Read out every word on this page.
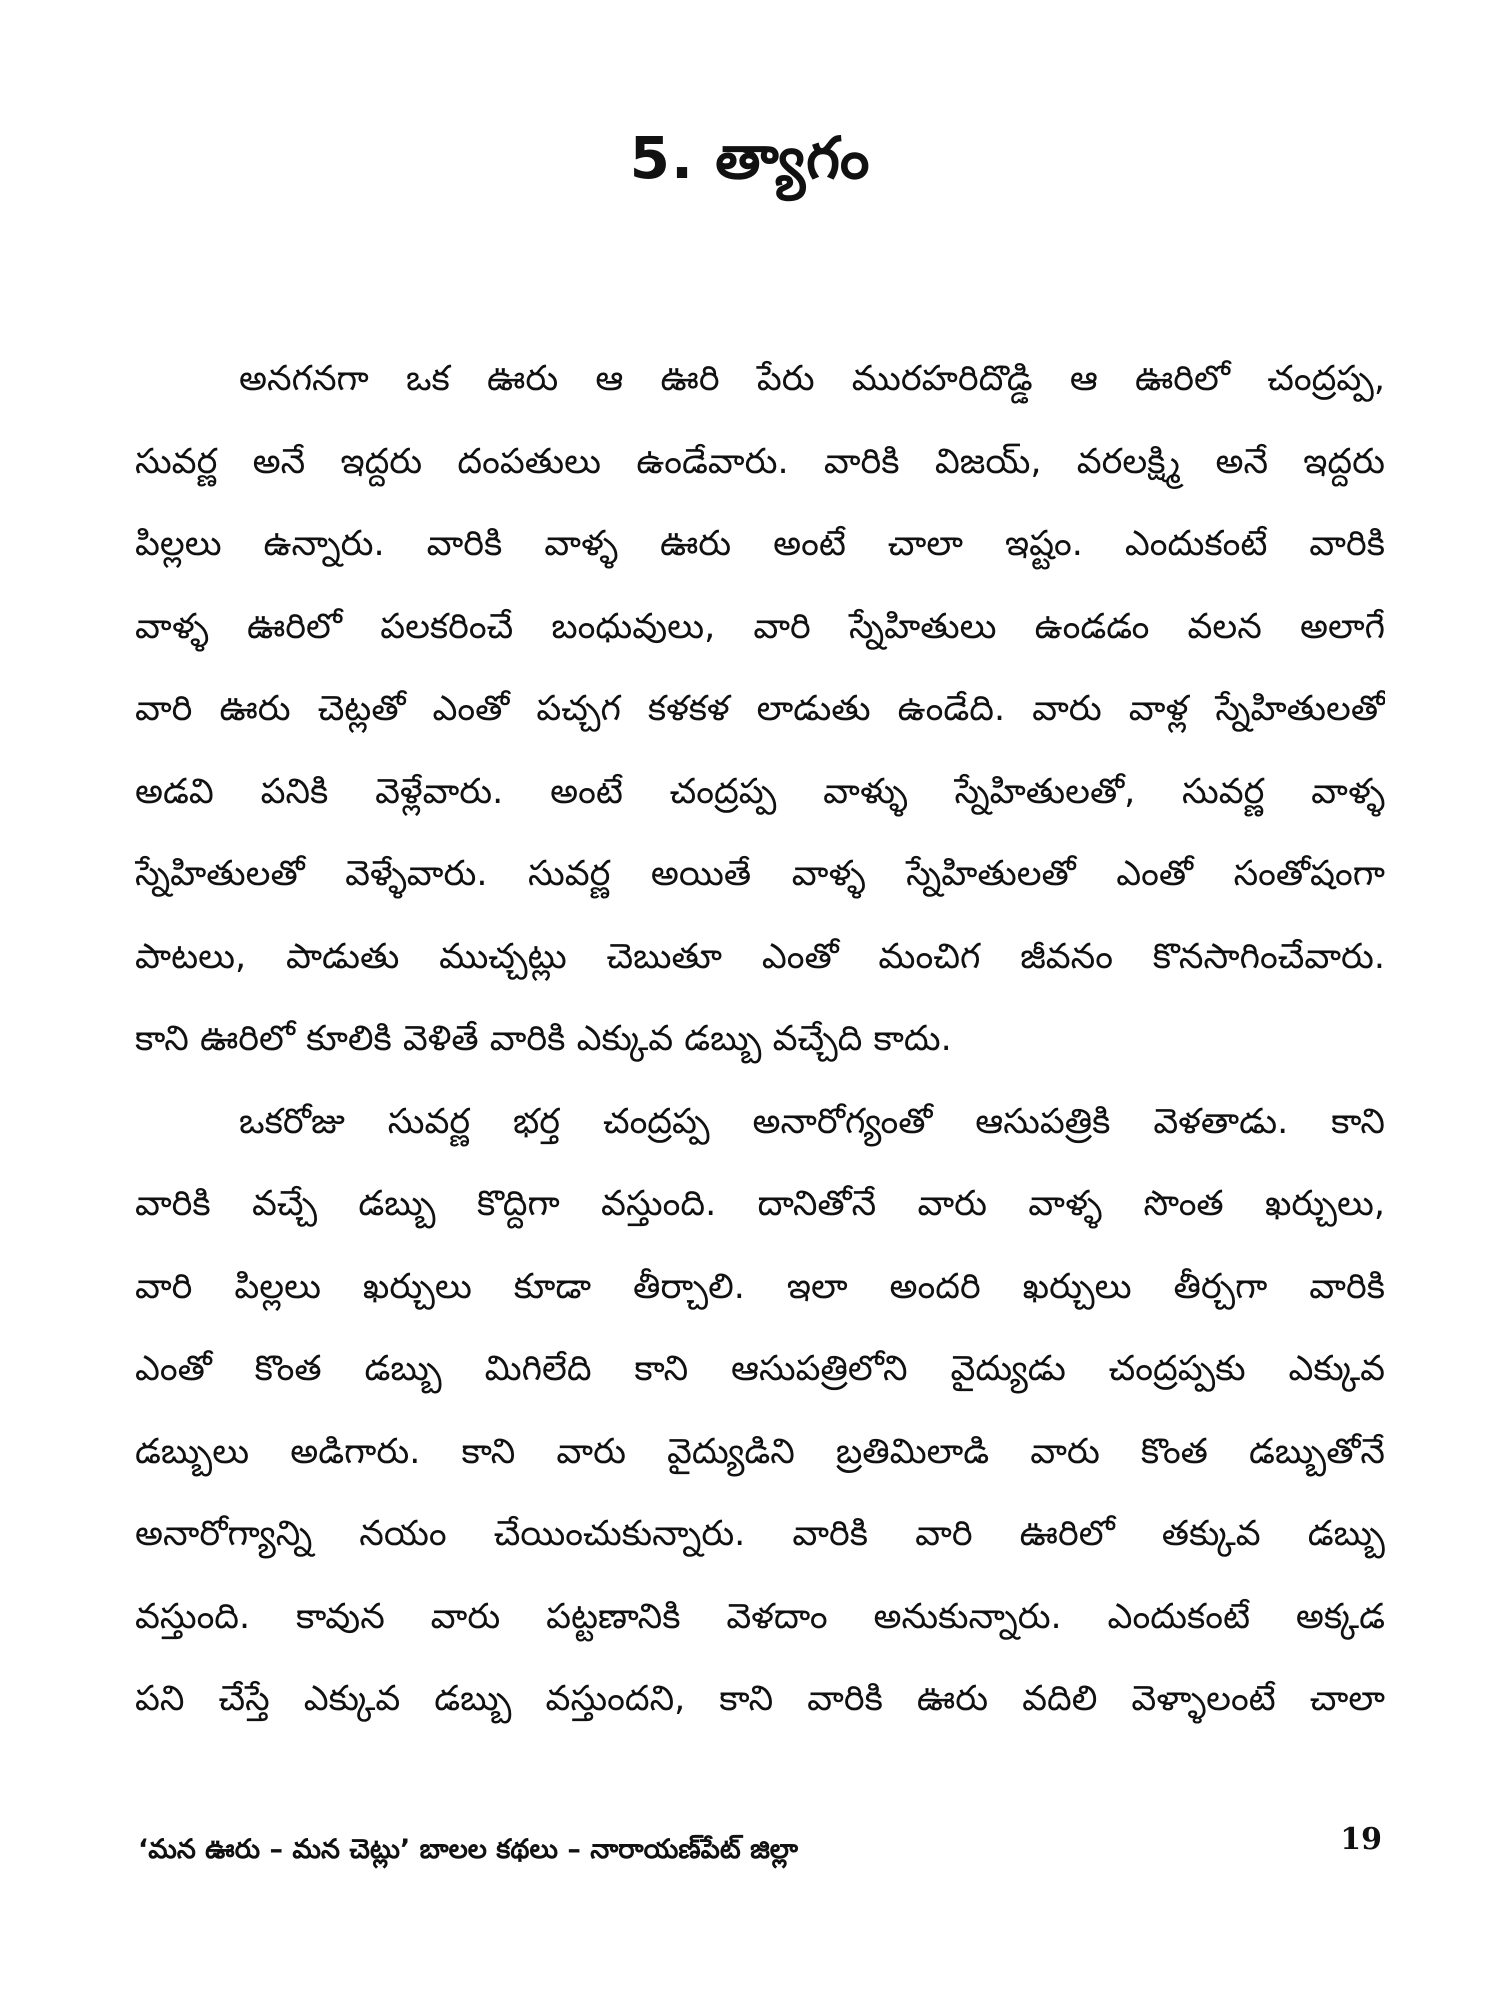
5. త్యాగం

అనగనగా ఒక ఊరు ఆ ఊరి పేరు మురహరిదొడ్డి ఆ ఊరిలో చంద్రప్ప,
సువర్ణ అనే ఇద్దరు దంపతులు ఉండేవారు. వారికి విజయ్, వరలక్ష్మి అనే ఇద్దరు
పిల్లలు ఉన్నారు. వారికి వాళ్ళ ఊరు అంటే చాలా ఇష్టం. ఎందుకంటే వారికి
వాళ్ళ ఊరిలో పలకరించే బంధువులు, వారి స్నేహితులు ఉండడం వలన అలాగే
వారి ఊరు చెట్లతో ఎంతో పచ్చగ కళకళ లాడుతు ఉండేది. వారు వాళ్ల స్నేహితులతో
అడవి పనికి వెళ్లేవారు. అంటే చంద్రప్ప వాళ్ళు స్నేహితులతో, సువర్ణ వాళ్ళ
స్నేహితులతో వెళ్ళేవారు. సువర్ణ అయితే వాళ్ళ స్నేహితులతో ఎంతో సంతోషంగా
పాటలు, పాడుతు ముచ్చట్లు చెబుతూ ఎంతో మంచిగ జీవనం కొనసాగించేవారు.
కాని ఊరిలో కూలికి వెళితే వారికి ఎక్కువ డబ్బు వచ్చేది కాదు.

ఒకరోజు సువర్ణ భర్త చంద్రప్ప అనారోగ్యంతో ఆసుపత్రికి వెళతాడు. కాని
వారికి వచ్చే డబ్బు కొద్దిగా వస్తుంది. దానితోనే వారు వాళ్ళ సొంత ఖర్చులు,
వారి పిల్లలు ఖర్చులు కూడా తీర్చాలి. ఇలా అందరి ఖర్చులు తీర్చగా వారికి
ఎంతో కొంత డబ్బు మిగిలేది కాని ఆసుపత్రిలోని వైద్యుడు చంద్రప్పకు ఎక్కువ
డబ్బులు అడిగారు. కాని వారు వైద్యుడిని బ్రతిమిలాడి వారు కొంత డబ్బుతోనే
అనారోగ్యాన్ని నయం చేయించుకున్నారు. వారికి వారి ఊరిలో తక్కువ డబ్బు
వస్తుంది. కావున వారు పట్టణానికి వెళదాం అనుకున్నారు. ఎందుకంటే అక్కడ
పని చేస్తే ఎక్కువ డబ్బు వస్తుందని, కాని వారికి ఊరు వదిలి వెళ్ళాలంటే చాలా

‘మన ఊరు – మన చెట్లు’ బాలల కథలు – నారాయణ్‌పేట్ జిల్లా	19
